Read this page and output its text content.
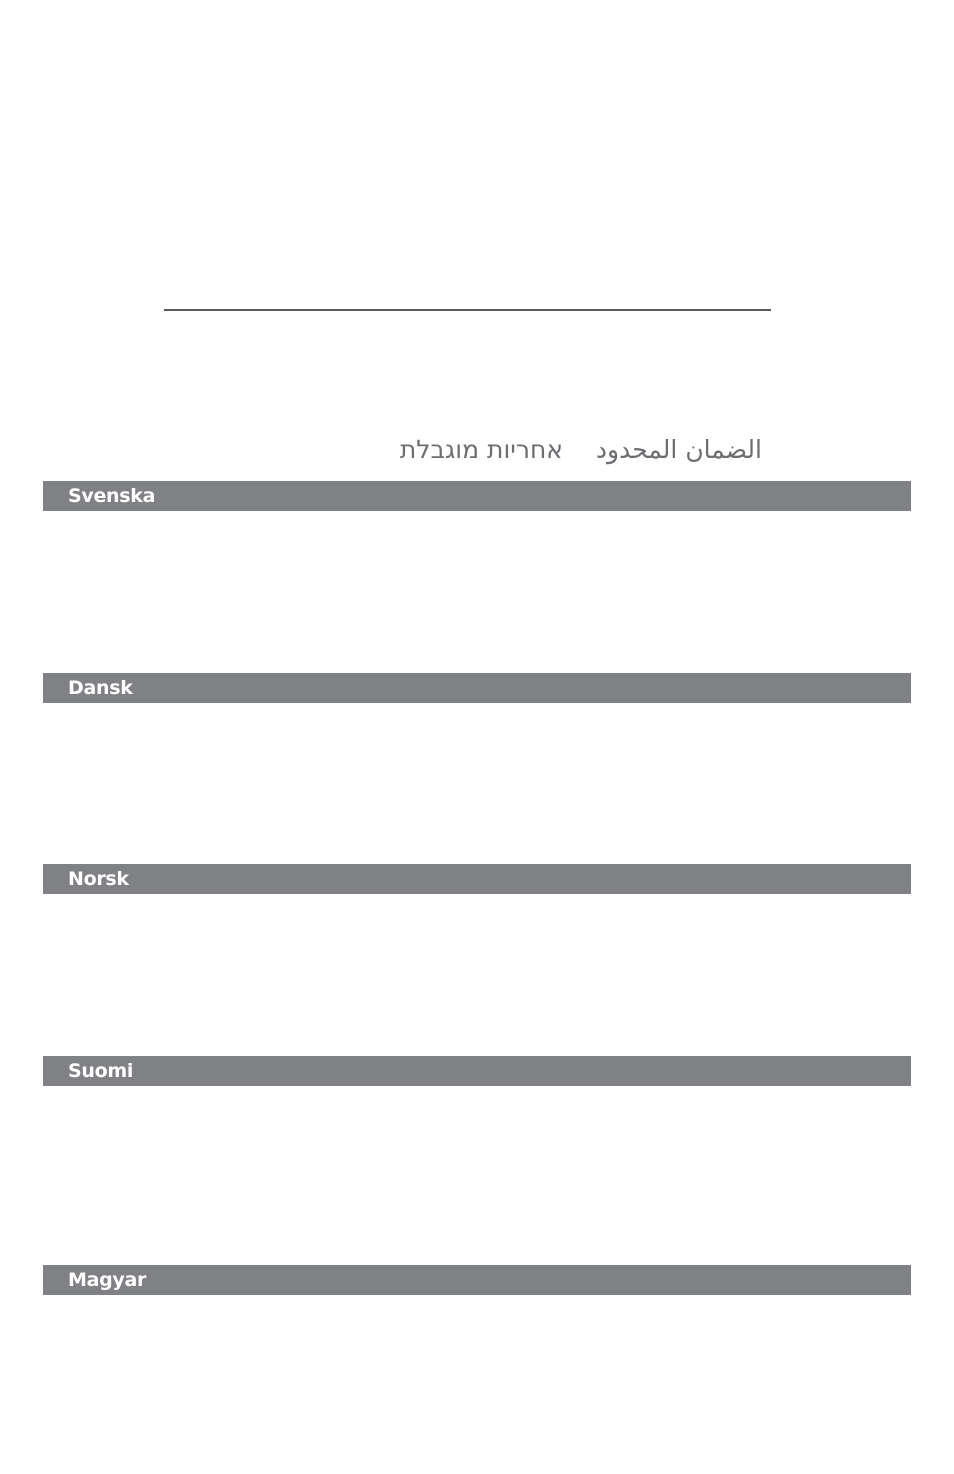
الضمان المحدود
אחריות מוגבלת
Svenska
Dansk
Norsk
Suomi
Magyar
